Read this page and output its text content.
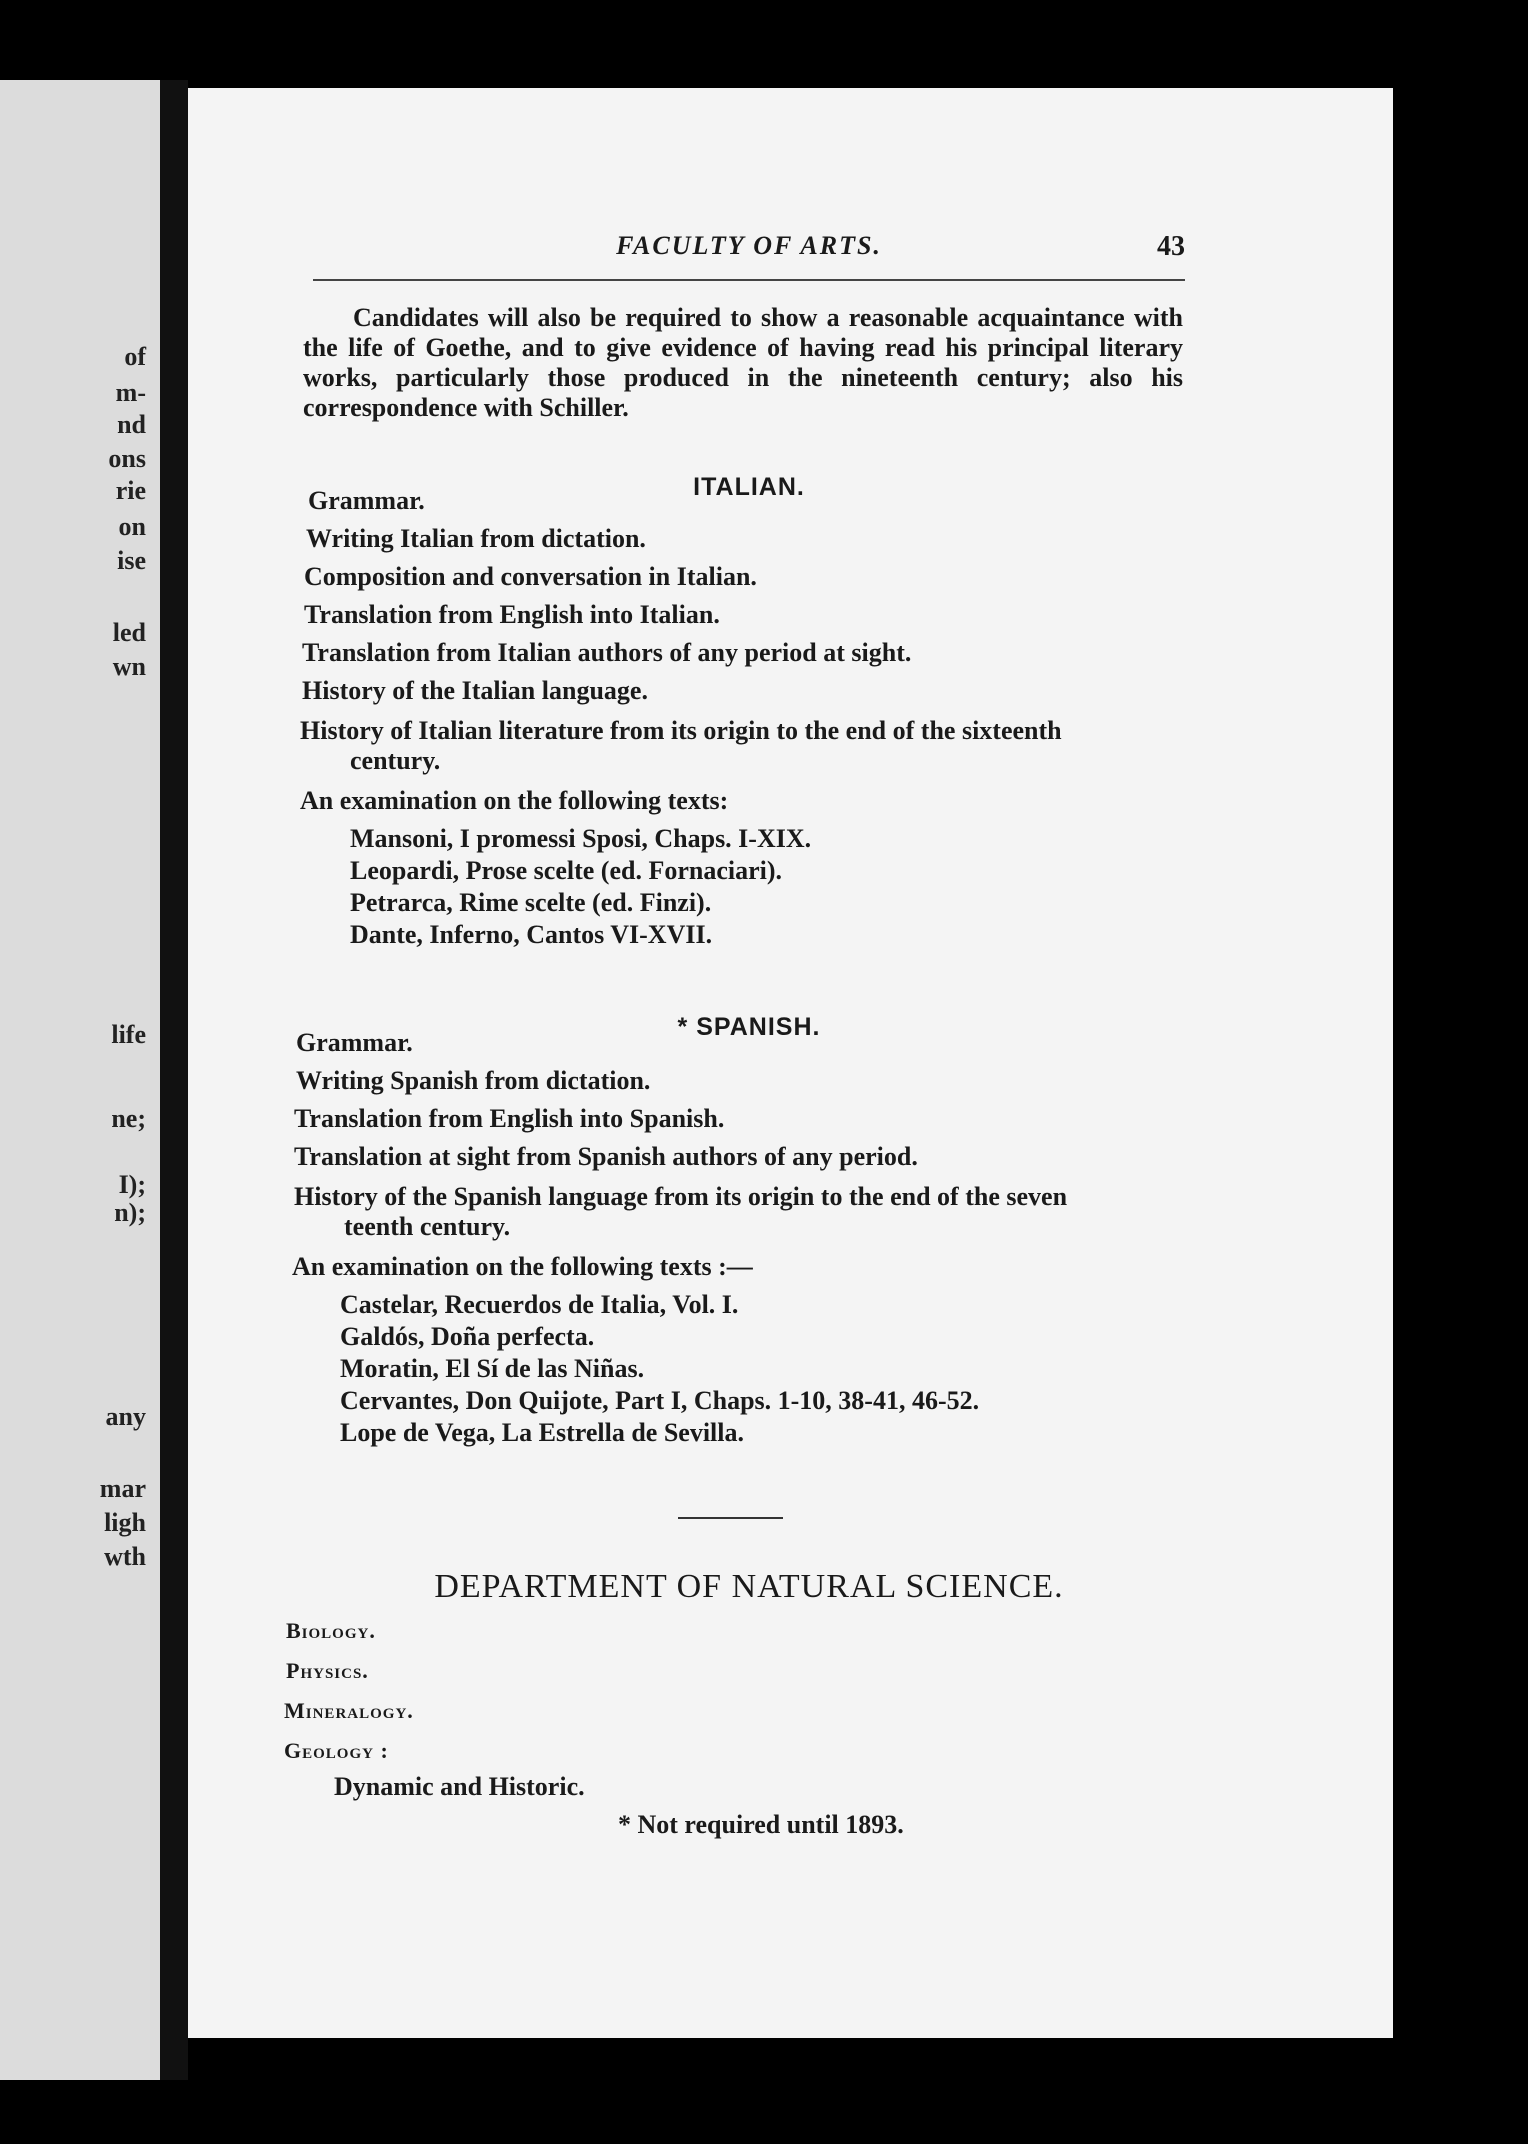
of
m-
nd
ons
rie
on
ise
led
wn
life
ne;
I);
n);
any
mar
ligh
wth
FACULTY OF ARTS.	43
Candidates will also be required to show a reasonable acquaintance with the life of Goethe, and to give evidence of having read his principal literary works, particularly those produced in the nineteenth century; also his correspondence with Schiller.
ITALIAN.
Grammar.
Writing Italian from dictation.
Composition and conversation in Italian.
Translation from English into Italian.
Translation from Italian authors of any period at sight.
History of the Italian language.
History of Italian literature from its origin to the end of the sixteenth
century.
An examination on the following texts:
Mansoni, I promessi Sposi, Chaps. I-XIX.
Leopardi, Prose scelte (ed. Fornaciari).
Petrarca, Rime scelte (ed. Finzi).
Dante, Inferno, Cantos VI-XVII.
* SPANISH.
Grammar.
Writing Spanish from dictation.
Translation from English into Spanish.
Translation at sight from Spanish authors of any period.
History of the Spanish language from its origin to the end of the seven
teenth century.
An examination on the following texts :—
Castelar, Recuerdos de Italia, Vol. I.
Galdós, Doña perfecta.
Moratin, El Sí de las Niñas.
Cervantes, Don Quijote, Part I, Chaps. 1-10, 38-41, 46-52.
Lope de Vega, La Estrella de Sevilla.
DEPARTMENT OF NATURAL SCIENCE.
Biology.
Physics.
Mineralogy.
Geology :
Dynamic and Historic.
* Not required until 1893.
